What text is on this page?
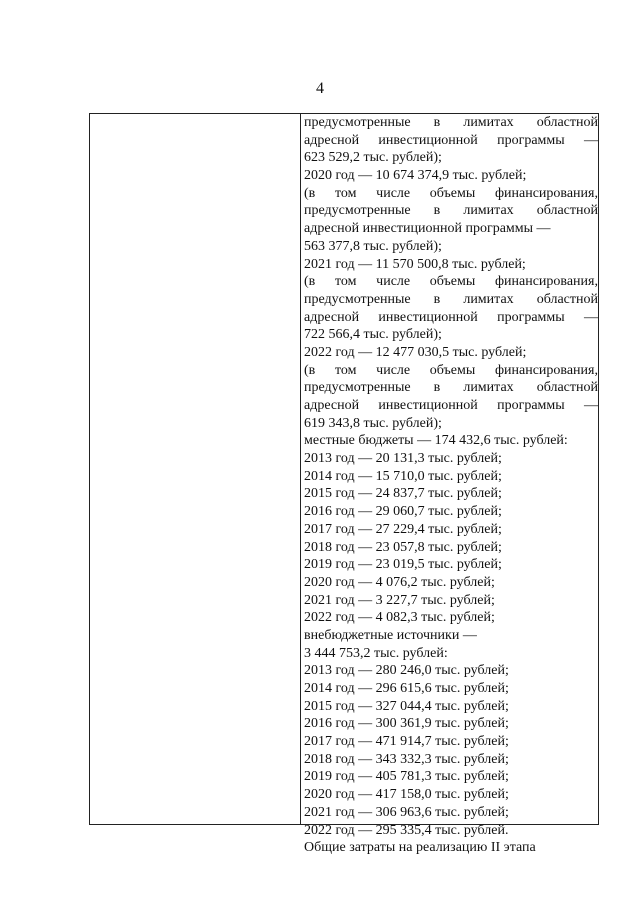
4
предусмотренные в лимитах областной
адресной инвестиционной программы —
623 529,2 тыс. рублей);
2020 год — 10 674 374,9 тыс. рублей;
(в том числе объемы финансирования,
предусмотренные в лимитах областной
адресной инвестиционной программы —
563 377,8 тыс. рублей);
2021 год — 11 570 500,8 тыс. рублей;
(в том числе объемы финансирования,
предусмотренные в лимитах областной
адресной инвестиционной программы —
722 566,4 тыс. рублей);
2022 год — 12 477 030,5 тыс. рублей;
(в том числе объемы финансирования,
предусмотренные в лимитах областной
адресной инвестиционной программы —
619 343,8 тыс. рублей);
местные бюджеты — 174 432,6 тыс. рублей:
2013 год — 20 131,3 тыс. рублей;
2014 год — 15 710,0 тыс. рублей;
2015 год — 24 837,7 тыс. рублей;
2016 год — 29 060,7 тыс. рублей;
2017 год — 27 229,4 тыс. рублей;
2018 год — 23 057,8 тыс. рублей;
2019 год — 23 019,5 тыс. рублей;
2020 год — 4 076,2 тыс. рублей;
2021 год — 3 227,7 тыс. рублей;
2022 год — 4 082,3 тыс. рублей;
внебюджетные источники —
3 444 753,2 тыс. рублей:
2013 год — 280 246,0 тыс. рублей;
2014 год — 296 615,6 тыс. рублей;
2015 год — 327 044,4 тыс. рублей;
2016 год — 300 361,9 тыс. рублей;
2017 год — 471 914,7 тыс. рублей;
2018 год — 343 332,3 тыс. рублей;
2019 год — 405 781,3 тыс. рублей;
2020 год — 417 158,0 тыс. рублей;
2021 год — 306 963,6 тыс. рублей;
2022 год — 295 335,4 тыс. рублей.
Общие затраты на реализацию II этапа
